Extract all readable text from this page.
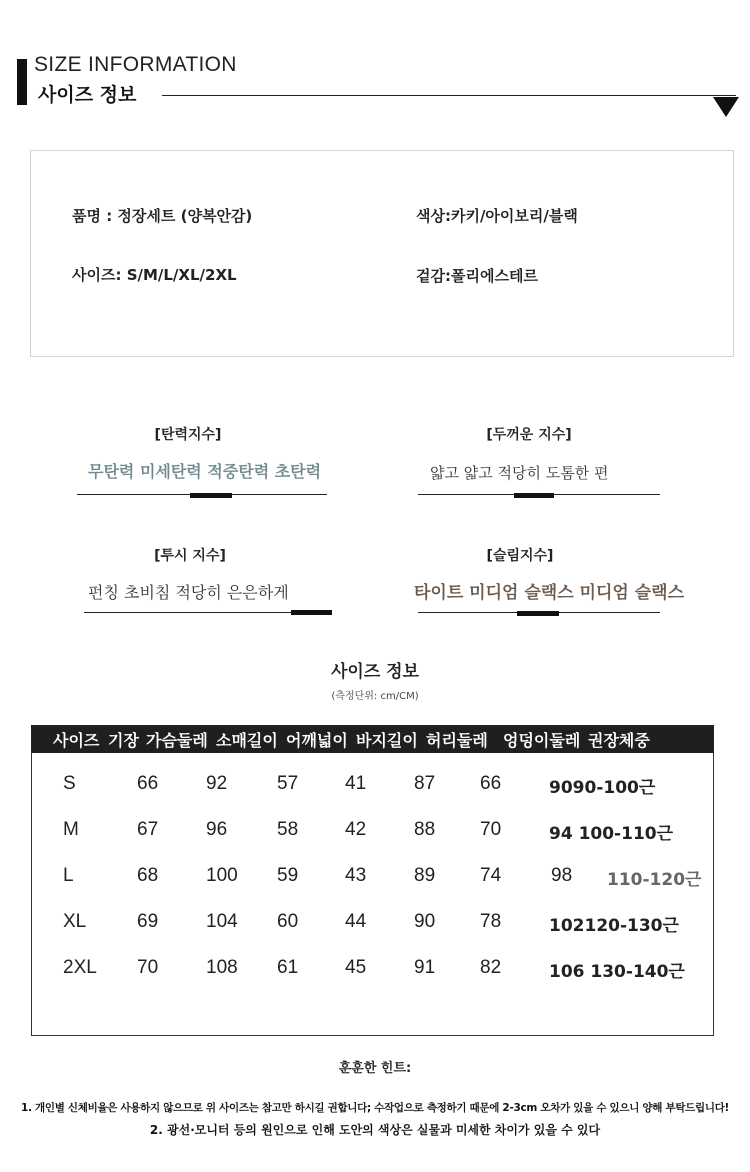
SIZE INFORMATION
사이즈 정보
품명 : 정장세트 (양복안감)	색상:카키/아이보리/블랙
사이즈: S/M/L/XL/2XL	겉감:폴리에스테르
[탄력지수]
무탄력 미세탄력 적중탄력 초탄력
[두꺼운 지수]
얇고 얇고 적당히 도톰한 편
[투시 지수]
펀칭 초비침 적당히 은은하게
[슬림지수]
타이트 미디엄 슬랙스 미디엄 슬랙스
사이즈 정보
(측정단위: cm/CM)
사이즈 기장 가슴둘레 소매길이 어깨넓이 바지길이 허리둘레 엉덩이둘레 권장체중
S	66	92	57 41	87 66	9090-100근
M	67	96	58 42	88 70	94 100-110근
L	68	100 59 43	89 74	98 110-120근
XL	69	104 60 44	90 78	102120-130근
2XL 70	108 61 45	91 82	106 130-140근
훈훈한 힌트:
1. 개인별 신체비율은 사용하지 않으므로 위 사이즈는 참고만 하시길 권합니다; 수작업으로 측정하기 때문에 2-3cm 오차가 있을 수 있으니 양해 부탁드립니다!
2. 광선·모니터 등의 원인으로 인해 도안의 색상은 실물과 미세한 차이가 있을 수 있다
